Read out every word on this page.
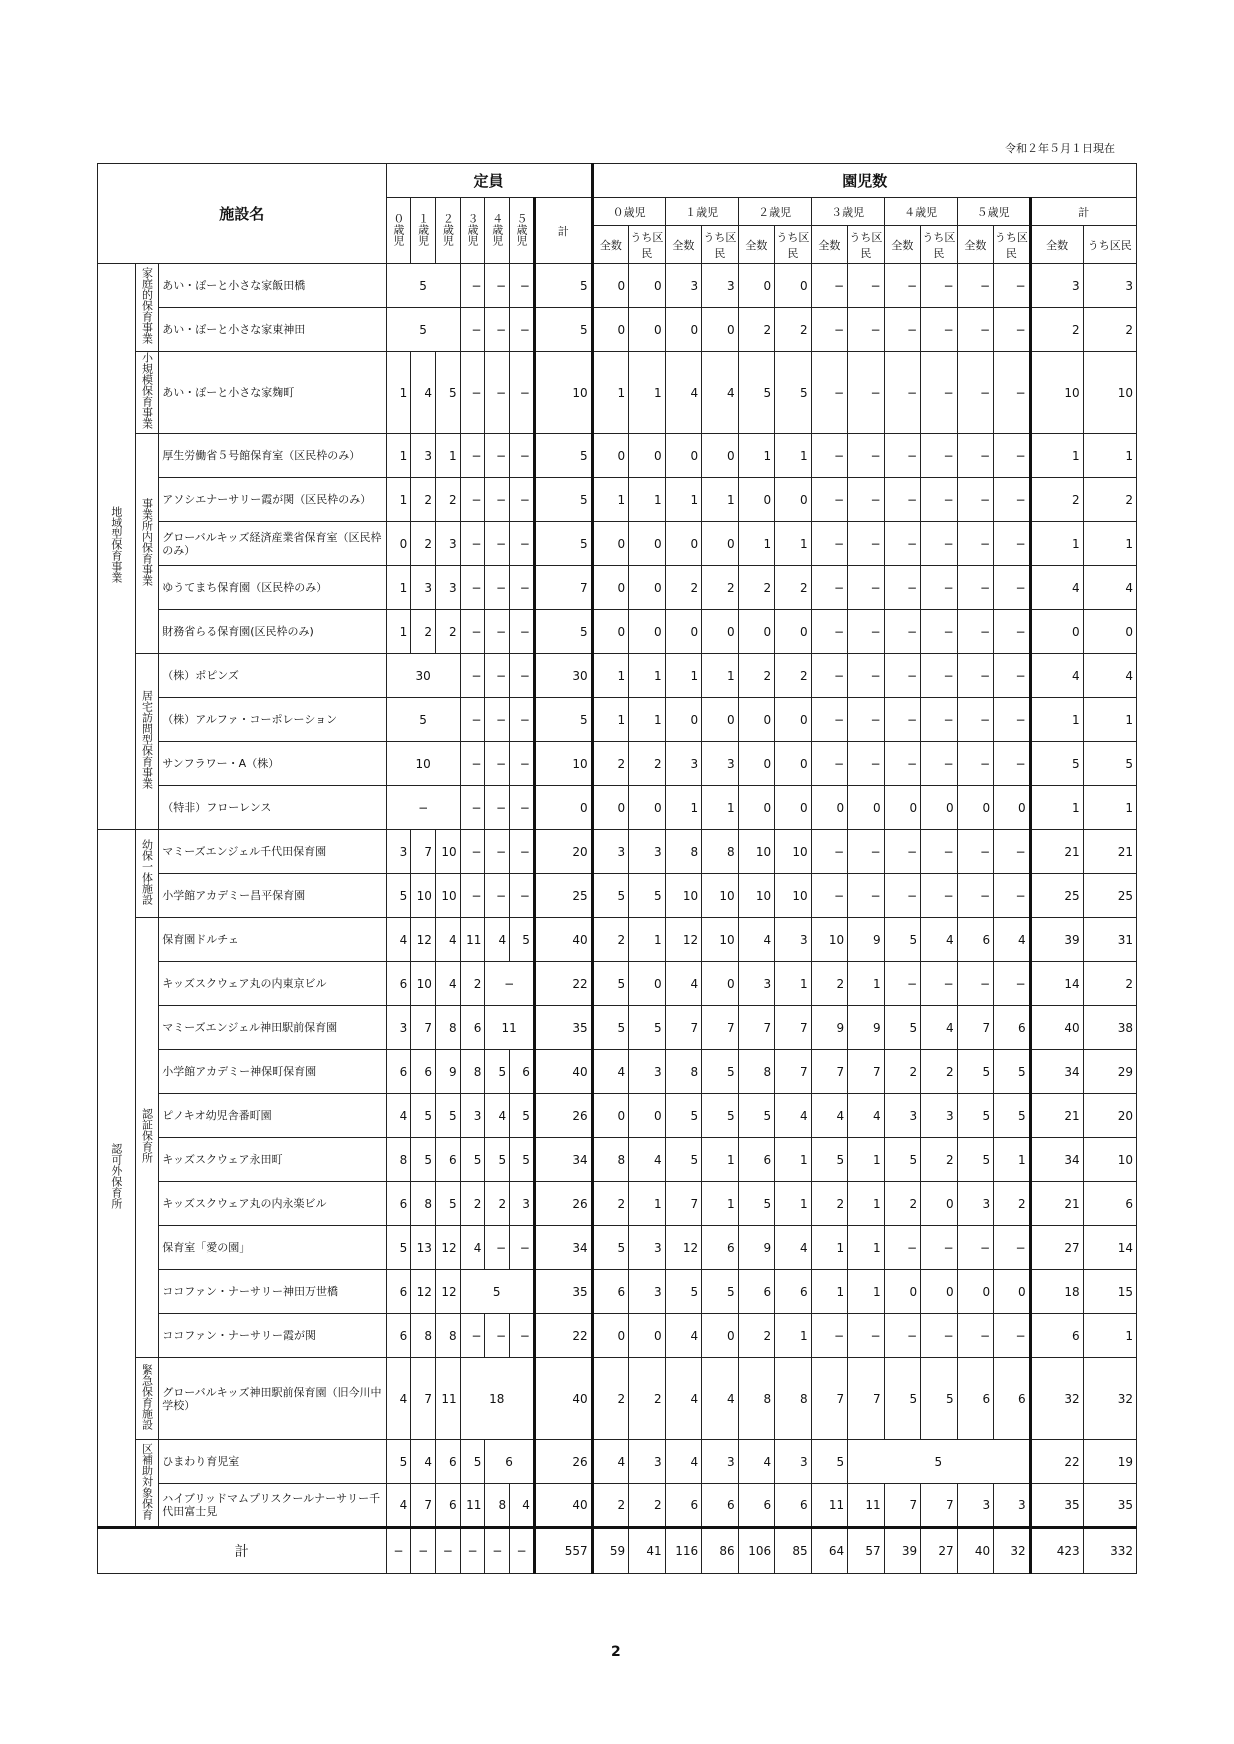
令和２年５月１日現在
施設名			定員							園児数													
			０歳児	１歳児	２歳児	３歳児	４歳児	５歳児	計	０歳児		１歳児		２歳児		３歳児		４歳児		５歳児		計	
										全数	うち区民	全数	うち区民	全数	うち区民	全数	うち区民	全数	うち区民	全数	うち区民	全数	うち区民
地域型保育事業	家庭的保育事業	あい・ぽーと小さな家飯田橋	5			−	−	−	5	0	0	3	3	0	0	−	−	−	−	−	−	3	3
		あい・ぽーと小さな家東神田	5			−	−	−	5	0	0	0	0	2	2	−	−	−	−	−	−	2	2
	小規模保育事業	あい・ぽーと小さな家麹町	1	4	5	−	−	−	10	1	1	4	4	5	5	−	−	−	−	−	−	10	10
	事業所内保育事業	厚生労働省５号館保育室（区民枠のみ）	1	3	1	−	−	−	5	0	0	0	0	1	1	−	−	−	−	−	−	1	1
		アソシエナーサリー霞が関（区民枠のみ）	1	2	2	−	−	−	5	1	1	1	1	0	0	−	−	−	−	−	−	2	2
		グローバルキッズ経済産業省保育室（区民枠のみ）	0	2	3	−	−	−	5	0	0	0	0	1	1	−	−	−	−	−	−	1	1
		ゆうてまち保育園（区民枠のみ）	1	3	3	−	−	−	7	0	0	2	2	2	2	−	−	−	−	−	−	4	4
		財務省らる保育園(区民枠のみ)	1	2	2	−	−	−	5	0	0	0	0	0	0	−	−	−	−	−	−	0	0
	居宅訪問型保育事業	（株）ポピンズ	30			−	−	−	30	1	1	1	1	2	2	−	−	−	−	−	−	4	4
		（株）アルファ・コーポレーション	5			−	−	−	5	1	1	0	0	0	0	−	−	−	−	−	−	1	1
		サンフラワー・A（株）	10			−	−	−	10	2	2	3	3	0	0	−	−	−	−	−	−	5	5
		（特非）フローレンス	−			−	−	−	0	0	0	1	1	0	0	0	0	0	0	0	0	1	1
認可外保育所	幼保一体施設	マミーズエンジェル千代田保育園	3	7	10	−	−	−	20	3	3	8	8	10	10	−	−	−	−	−	−	21	21
		小学館アカデミー昌平保育園	5	10	10	−	−	−	25	5	5	10	10	10	10	−	−	−	−	−	−	25	25
	認証保育所	保育園ドルチェ	4	12	4	11	4	5	40	2	1	12	10	4	3	10	9	5	4	6	4	39	31
		キッズスクウェア丸の内東京ビル	6	10	4	2	−		22	5	0	4	0	3	1	2	1	−	−	−	−	14	2
		マミーズエンジェル神田駅前保育園	3	7	8	6	11		35	5	5	7	7	7	7	9	9	5	4	7	6	40	38
		小学館アカデミー神保町保育園	6	6	9	8	5	6	40	4	3	8	5	8	7	7	7	2	2	5	5	34	29
		ピノキオ幼児舎番町園	4	5	5	3	4	5	26	0	0	5	5	5	4	4	4	3	3	5	5	21	20
		キッズスクウェア永田町	8	5	6	5	5	5	34	8	4	5	1	6	1	5	1	5	2	5	1	34	10
		キッズスクウェア丸の内永楽ビル	6	8	5	2	2	3	26	2	1	7	1	5	1	2	1	2	0	3	2	21	6
		保育室「愛の園」	5	13	12	4	−	−	34	5	3	12	6	9	4	1	1	−	−	−	−	27	14
		ココファン・ナーサリー神田万世橋	6	12	12	5			35	6	3	5	5	6	6	1	1	0	0	0	0	18	15
		ココファン・ナーサリー霞が関	6	8	8	−	−	−	22	0	0	4	0	2	1	−	−	−	−	−	−	6	1
	緊急保育施設	グローバルキッズ神田駅前保育園（旧今川中学校）	4	7	11	18			40	2	2	4	4	8	8	7	7	5	5	6	6	32	32
	区補助対象保育	ひまわり育児室	5	4	6	5	6		26	4	3	4	3	4	3	5	5					22	19
		ハイブリッドマムプリスクールナーサリー千代田富士見	4	7	6	11	8	4	40	2	2	6	6	6	6	11	11	7	7	3	3	35	35
計			−	−	−	−	−	−	557	59	41	116	86	106	85	64	57	39	27	40	32	423	332
2
